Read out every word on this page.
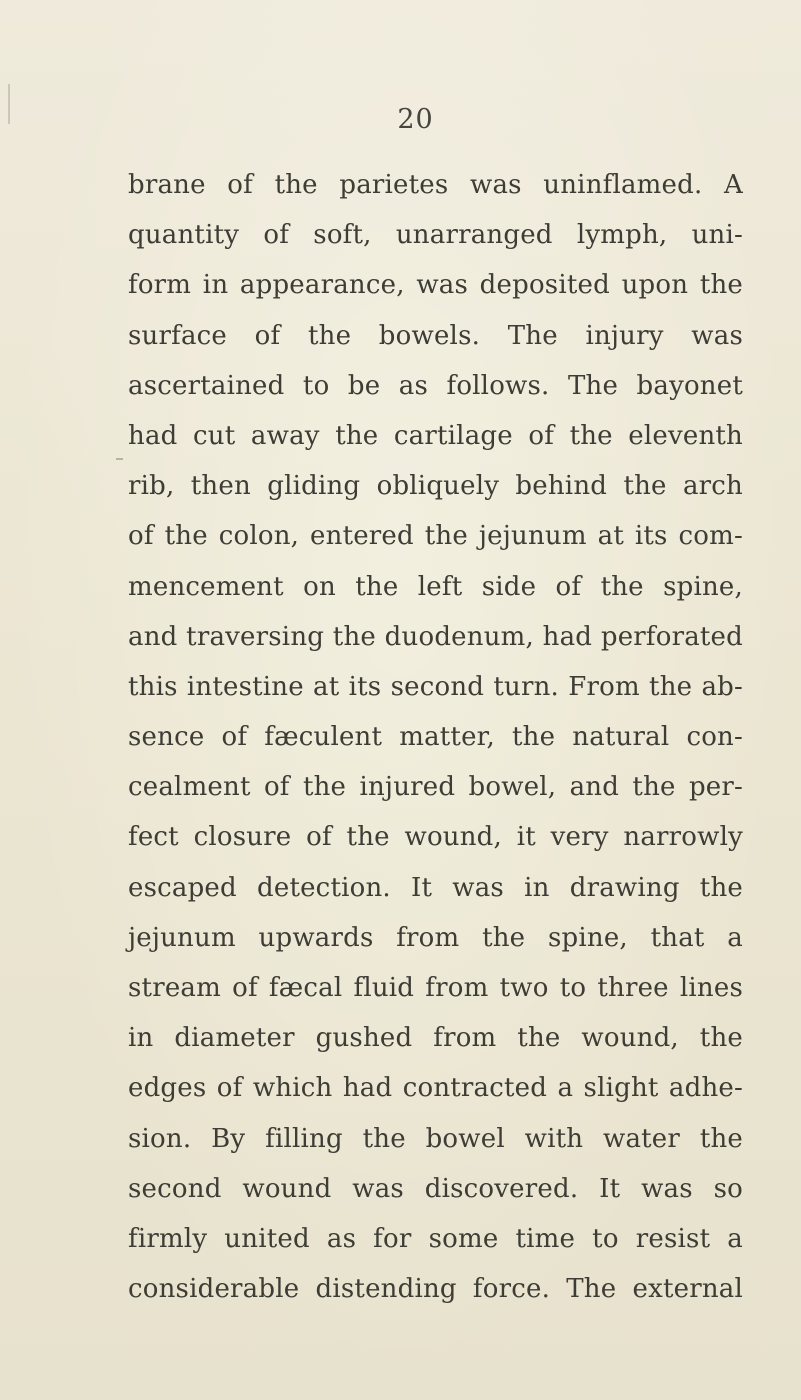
20
brane of the parietes was uninflamed. A
quantity of soft, unarranged lymph, uni-
form in appearance, was deposited upon the
surface of the bowels. The injury was
ascertained to be as follows. The bayonet
had cut away the cartilage of the eleventh
rib, then gliding obliquely behind the arch
of the colon, entered the jejunum at its com-
mencement on the left side of the spine,
and traversing the duodenum, had perforated
this intestine at its second turn. From the ab-
sence of fæculent matter, the natural con-
cealment of the injured bowel, and the per-
fect closure of the wound, it very narrowly
escaped detection. It was in drawing the
jejunum upwards from the spine, that a
stream of fæcal fluid from two to three lines
in diameter gushed from the wound, the
edges of which had contracted a slight adhe-
sion. By filling the bowel with water the
second wound was discovered. It was so
firmly united as for some time to resist a
considerable distending force. The external
